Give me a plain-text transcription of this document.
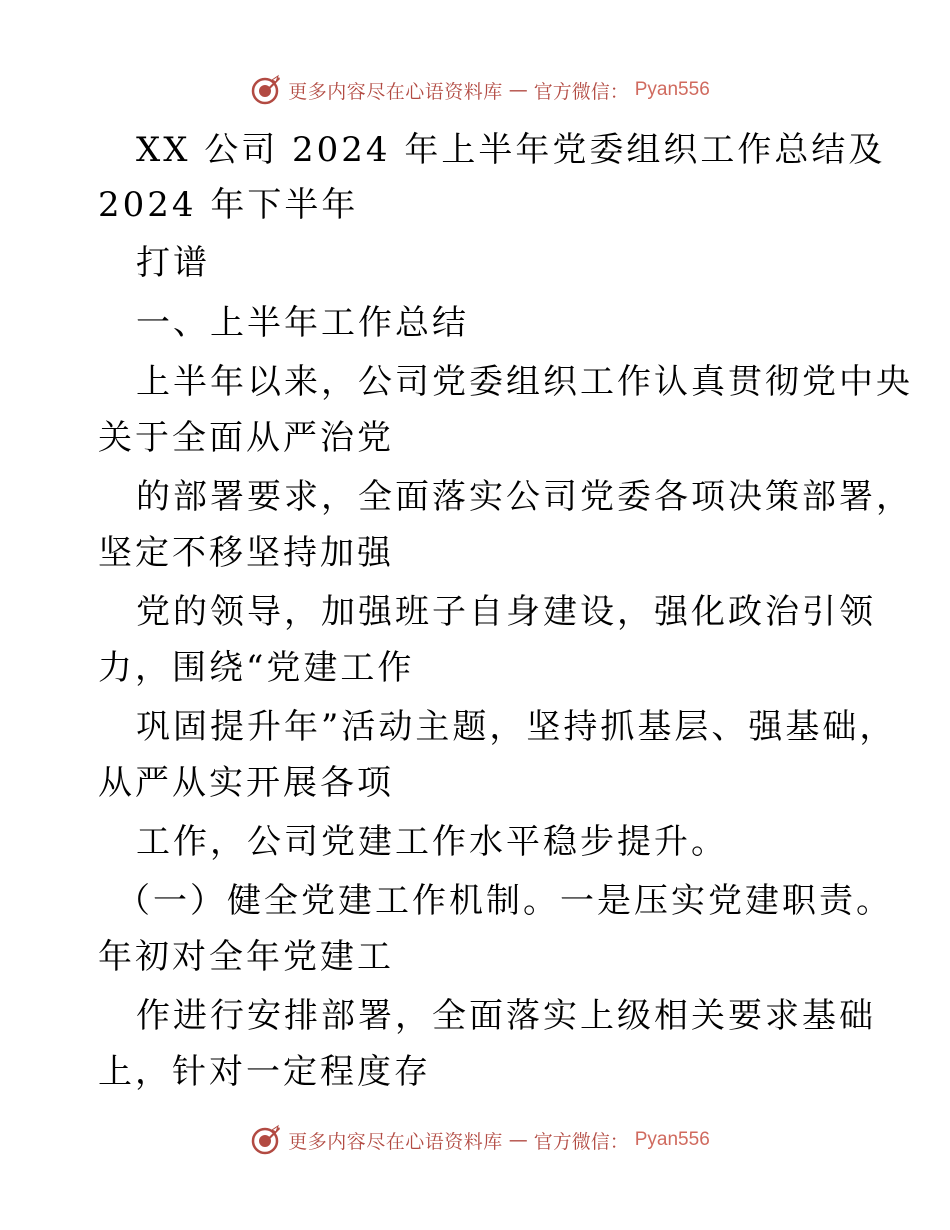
更多内容尽在心语资料库 — 官方微信： Pyan556
XX 公司 2024 年上半年党委组织工作总结及
2024 年下半年
打谱
一、上半年工作总结
上半年以来，公司党委组织工作认真贯彻党中央
关于全面从严治党
的部署要求，全面落实公司党委各项决策部署，
坚定不移坚持加强
党的领导，加强班子自身建设，强化政治引领
力，围绕“党建工作
巩固提升年”活动主题，坚持抓基层、强基础，
从严从实开展各项
工作，公司党建工作水平稳步提升。
（一）健全党建工作机制。一是压实党建职责。
年初对全年党建工
作进行安排部署，全面落实上级相关要求基础
上，针对一定程度存
更多内容尽在心语资料库 — 官方微信： Pyan556
